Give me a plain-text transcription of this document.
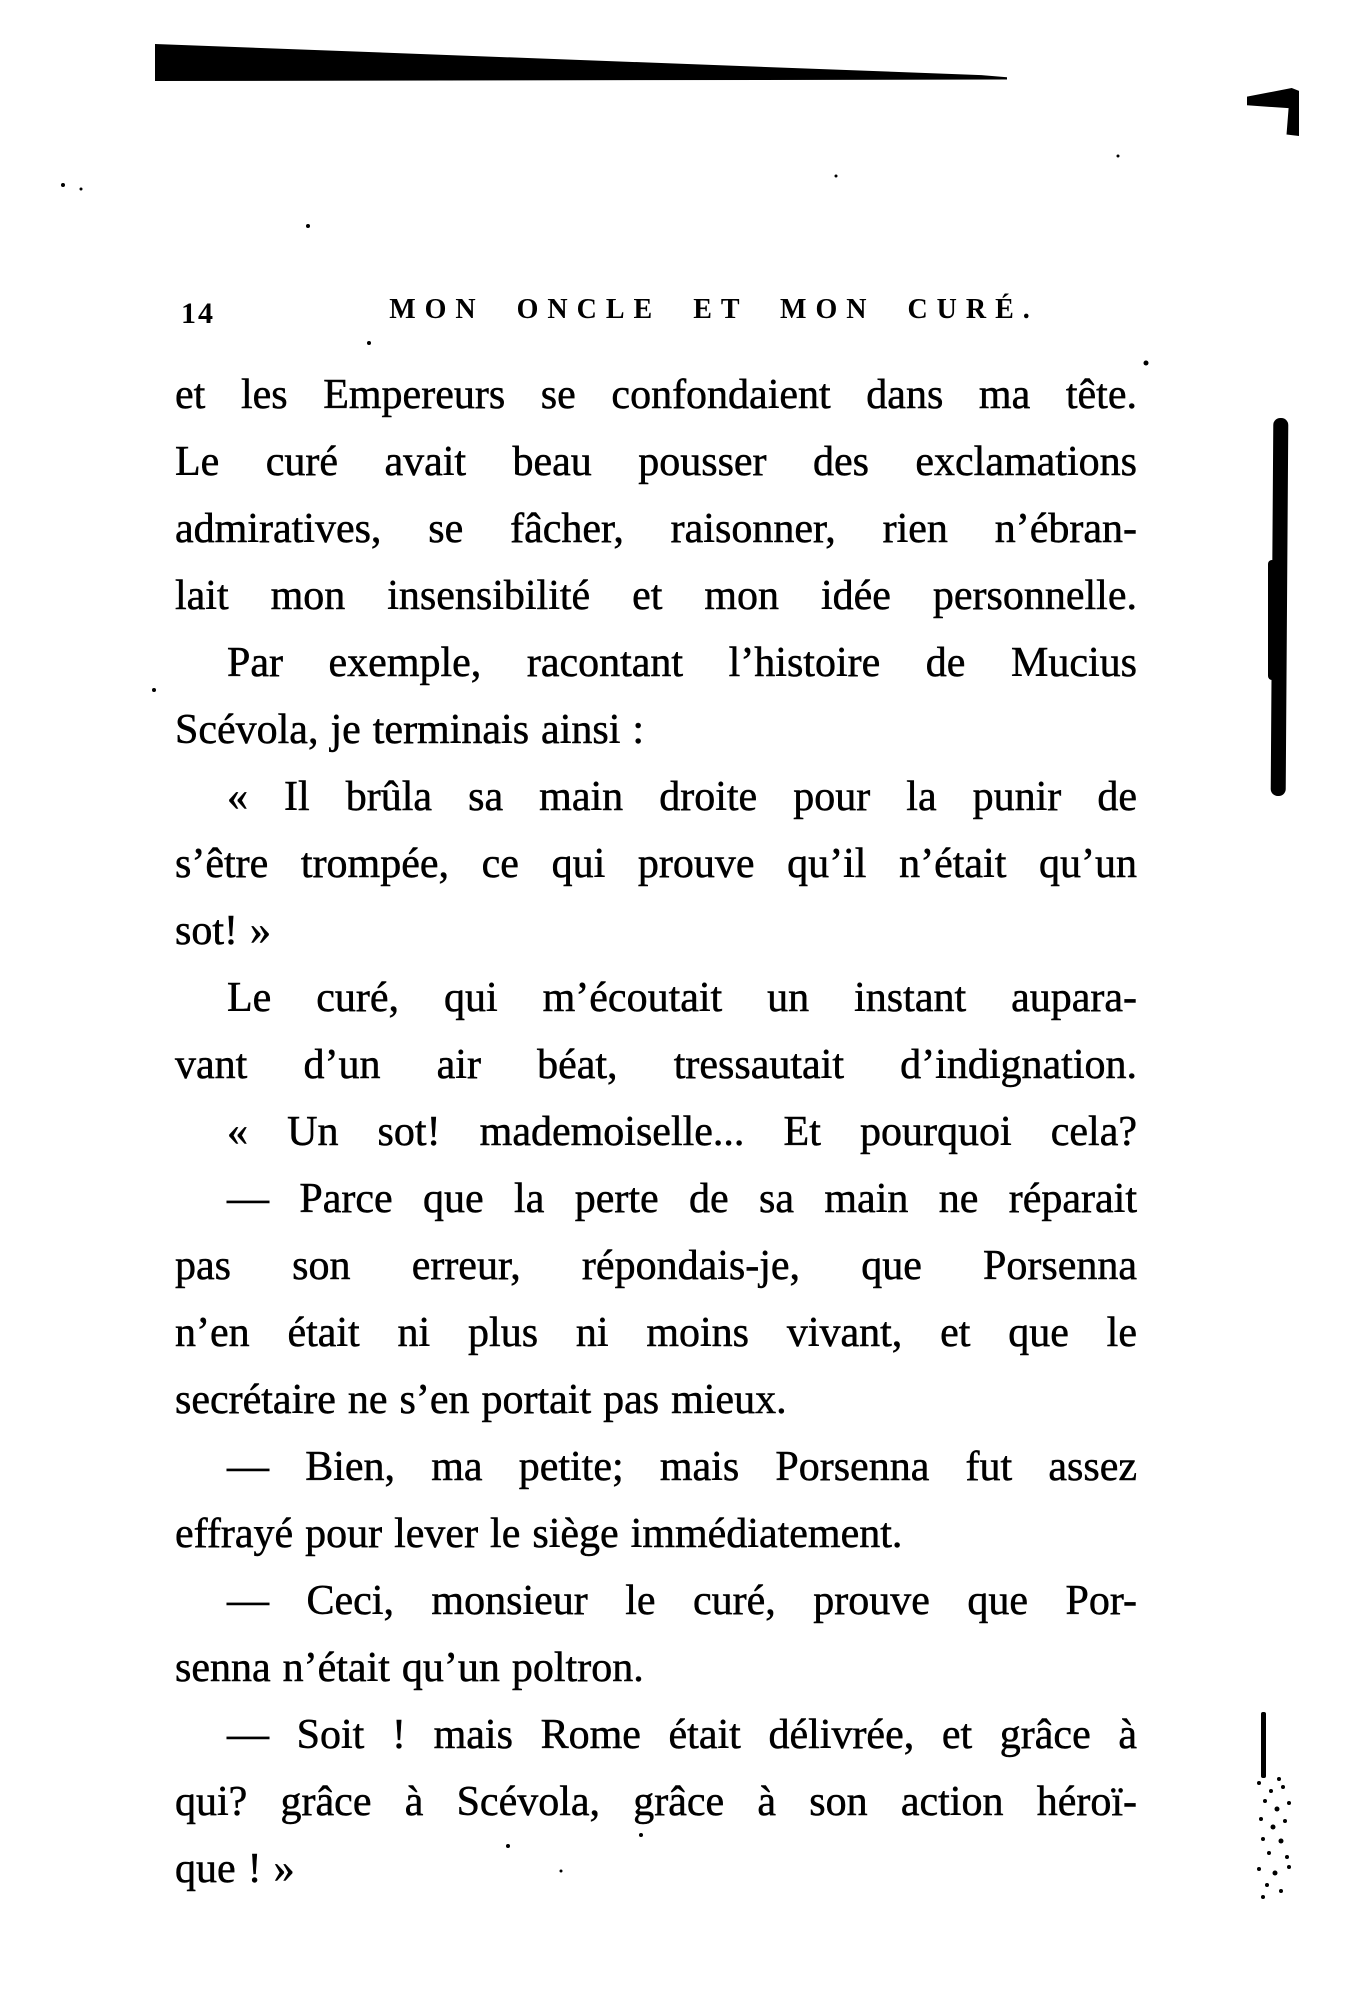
14	MON ONCLE ET MON CURÉ.
et les Empereurs se confondaient dans ma tête.
Le curé avait beau pousser des exclamations
admiratives, se fâcher, raisonner, rien n’ébran-
lait mon insensibilité et mon idée personnelle.
Par exemple, racontant l’histoire de Mucius
Scévola, je terminais ainsi :
« Il brûla sa main droite pour la punir de
s’être trompée, ce qui prouve qu’il n’était qu’un
sot! »
Le curé, qui m’écoutait un instant aupara-
vant d’un air béat, tressautait d’indignation.
« Un sot! mademoiselle... Et pourquoi cela?
— Parce que la perte de sa main ne réparait
pas son erreur, répondais-je, que Porsenna
n’en était ni plus ni moins vivant, et que le
secrétaire ne s’en portait pas mieux.
— Bien, ma petite; mais Porsenna fut assez
effrayé pour lever le siège immédiatement.
— Ceci, monsieur le curé, prouve que Por-
senna n’était qu’un poltron.
— Soit ! mais Rome était délivrée, et grâce à
qui? grâce à Scévola, grâce à son action héroï-
que ! »
